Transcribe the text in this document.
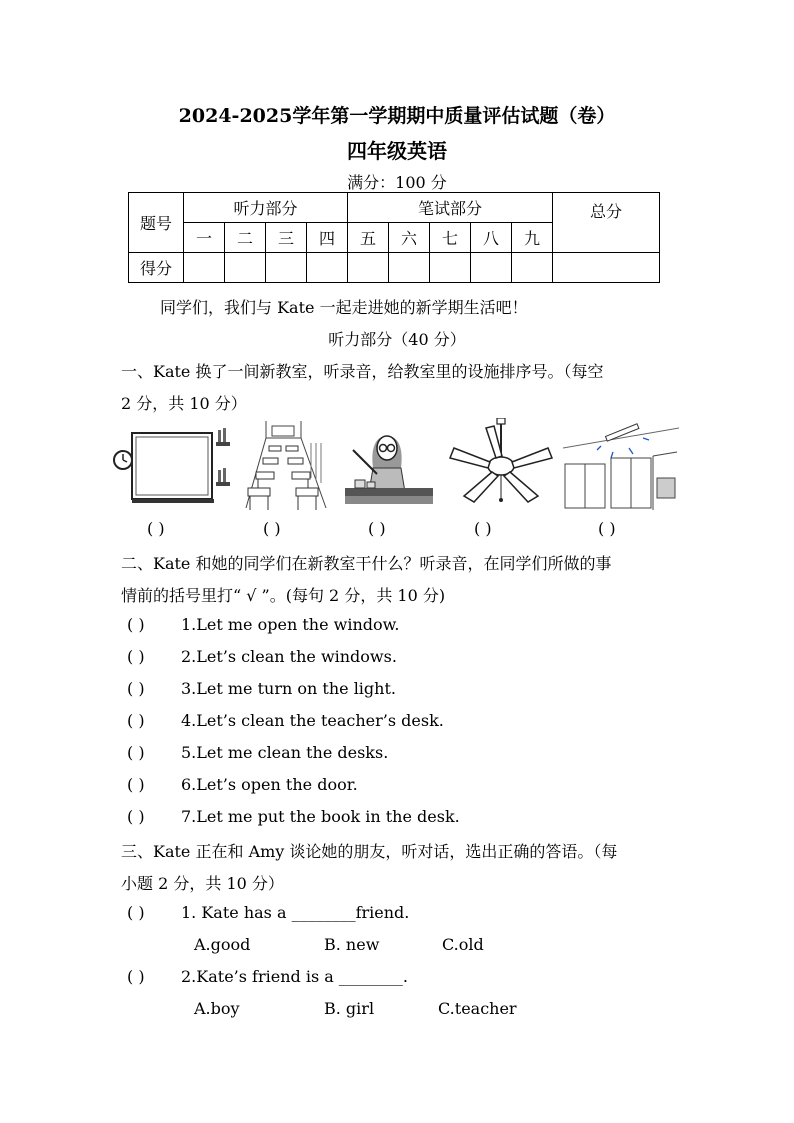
2024-2025学年第一学期期中质量评估试题（卷）
四年级英语
满分：100 分
题号	听力部分				笔试部分					总分
	一	二	三	四	五	六	七	八	九	
得分										
同学们，我们与 Kate 一起走进她的新学期生活吧！
听力部分（40 分）
一、Kate 换了一间新教室，听录音，给教室里的设施排序号。（每空
2 分，共 10 分）
( )	( )	( )	( )	( )
二、Kate 和她的同学们在新教室干什么？听录音，在同学们所做的事
情前的括号里打“ √ ”。(每句 2 分，共 10 分)
( ) 1.Let me open the window.
( ) 2.Let’s clean the windows.
( ) 3.Let me turn on the light.
( ) 4.Let’s clean the teacher’s desk.
( ) 5.Let me clean the desks.
( ) 6.Let’s open the door.
( ) 7.Let me put the book in the desk.
三、Kate 正在和 Amy 谈论她的朋友，听对话，选出正确的答语。（每
小题 2 分，共 10 分）
( ) 1. Kate has a ________friend.
A.good	B. new	C.old
( ) 2.Kate’s friend is a ________.
A.boy	B. girl	C.teacher
